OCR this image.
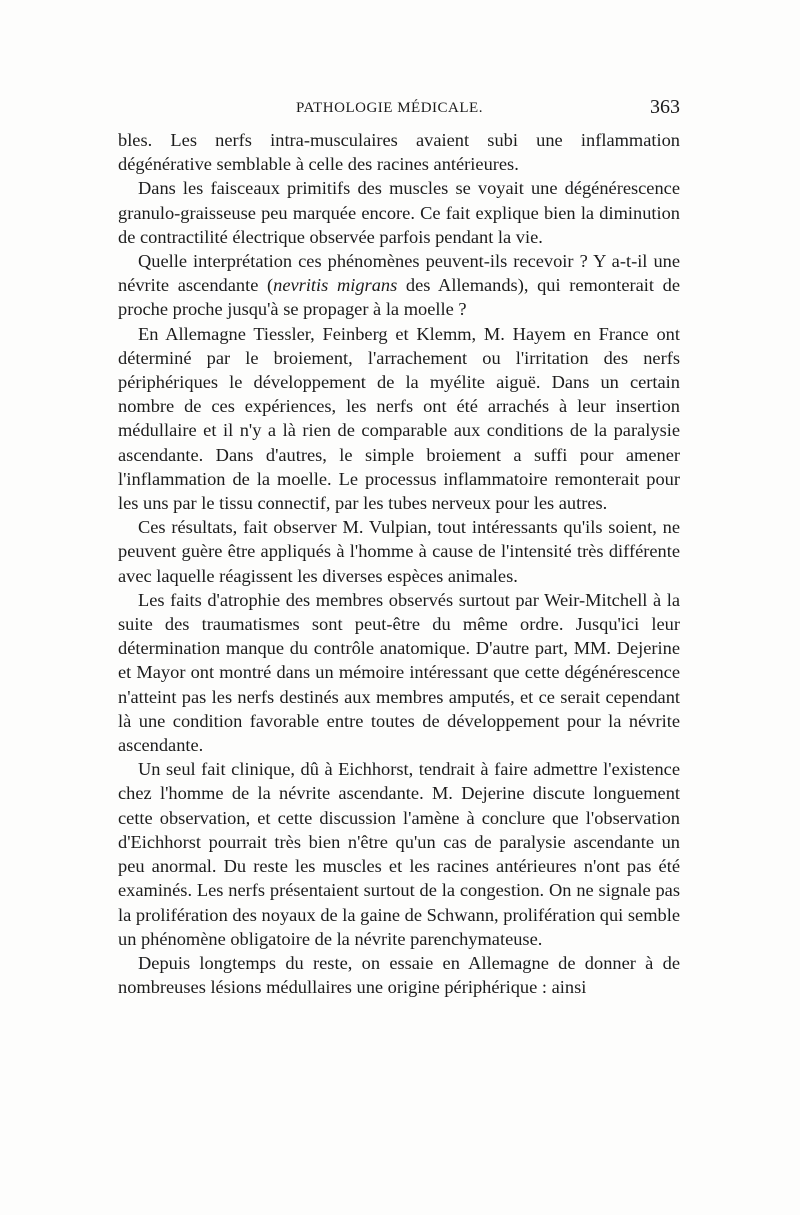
PATHOLOGIE MÉDICALE.	363

bles. Les nerfs intra-musculaires avaient subi une inflammation dégénérative semblable à celle des racines antérieures.

Dans les faisceaux primitifs des muscles se voyait une dégénérescence granulo-graisseuse peu marquée encore. Ce fait explique bien la diminution de contractilité électrique observée parfois pendant la vie.

Quelle interprétation ces phénomènes peuvent-ils recevoir ? Y a-t-il une névrite ascendante (nevritis migrans des Allemands), qui remonterait de proche proche jusqu'à se propager à la moelle ?

En Allemagne Tiessler, Feinberg et Klemm, M. Hayem en France ont déterminé par le broiement, l'arrachement ou l'irritation des nerfs périphériques le développement de la myélite aiguë. Dans un certain nombre de ces expériences, les nerfs ont été arrachés à leur insertion médullaire et il n'y a là rien de comparable aux conditions de la paralysie ascendante. Dans d'autres, le simple broiement a suffi pour amener l'inflammation de la moelle. Le processus inflammatoire remonterait pour les uns par le tissu connectif, par les tubes nerveux pour les autres.

Ces résultats, fait observer M. Vulpian, tout intéressants qu'ils soient, ne peuvent guère être appliqués à l'homme à cause de l'intensité très différente avec laquelle réagissent les diverses espèces animales.

Les faits d'atrophie des membres observés surtout par Weir-Mitchell à la suite des traumatismes sont peut-être du même ordre. Jusqu'ici leur détermination manque du contrôle anatomique. D'autre part, MM. Dejerine et Mayor ont montré dans un mémoire intéressant que cette dégénérescence n'atteint pas les nerfs destinés aux membres amputés, et ce serait cependant là une condition favorable entre toutes de développement pour la névrite ascendante.

Un seul fait clinique, dû à Eichhorst, tendrait à faire admettre l'existence chez l'homme de la névrite ascendante. M. Dejerine discute longuement cette observation, et cette discussion l'amène à conclure que l'observation d'Eichhorst pourrait très bien n'être qu'un cas de paralysie ascendante un peu anormal. Du reste les muscles et les racines antérieures n'ont pas été examinés. Les nerfs présentaient surtout de la congestion. On ne signale pas la prolifération des noyaux de la gaine de Schwann, prolifération qui semble un phénomène obligatoire de la névrite parenchymateuse.

Depuis longtemps du reste, on essaie en Allemagne de donner à de nombreuses lésions médullaires une origine périphérique : ainsi
